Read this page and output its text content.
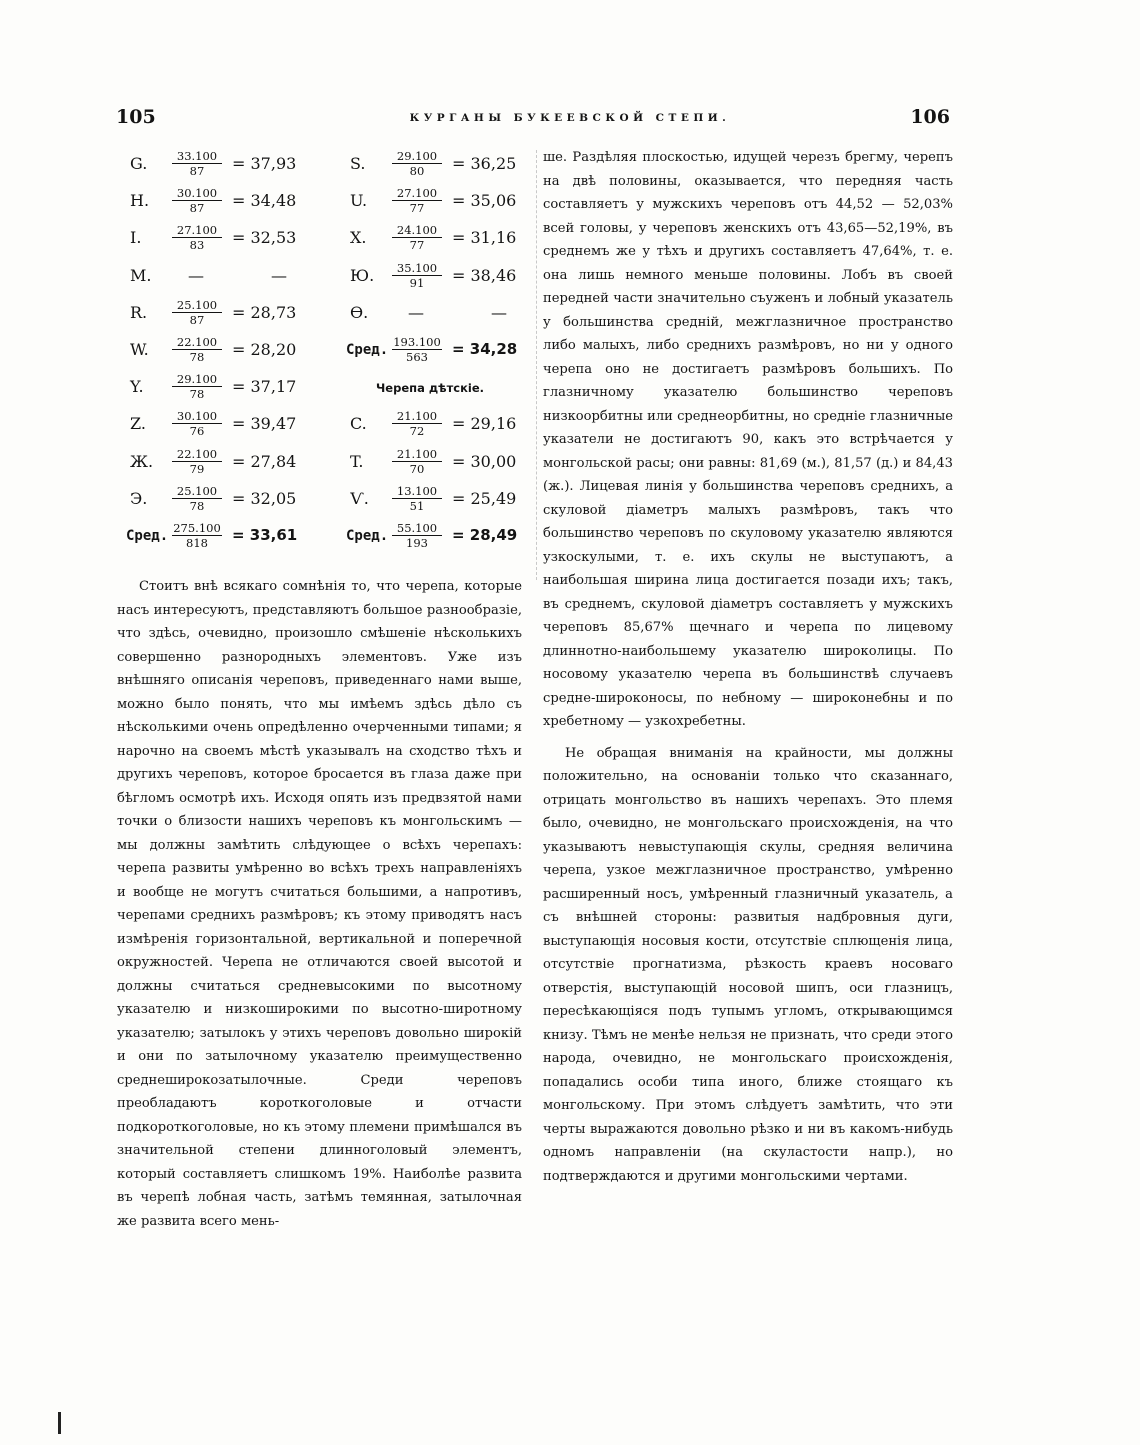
105	КУРГАНЫ БУКЕЕВСКОЙ СТЕПИ.	106
G. $\frac{33.100}{87} = 37,93$
H. $\frac{30.100}{87} = 34,48$
I.	$\frac{27.100}{83} = 32,53$
M. —	—
R. $\frac{25.100}{87} = 28,73$
W. $\frac{22.100}{78} = 28,20$
Y. $\frac{29.100}{78} = 37,17$
Z. $\frac{30.100}{76} = 39,47$
Ж. $\frac{22.100}{79} = 27,84$
Э. $\frac{25.100}{78} = 32,05$
Сред. $\frac{275.100}{818} = 33,61$
S. $\frac{29.100}{80} = 36,25$
U. $\frac{27.100}{77} = 35,06$
X. $\frac{24.100}{77} = 31,16$
Ю. $\frac{35.100}{91} = 38,46$
Ѳ. —	—
Сред. $\frac{193.100}{563} = 34,28$
C. $\frac{21.100}{72} = 29,16$
T. $\frac{21.100}{70} = 30,00$
Ѵ. $\frac{13.100}{51} = 25,49$
Сред. $\frac{55.100}{193} = 28,49$
Черепа дѣтскіе.

Стоитъ внѣ всякаго сомнѣнія то, что черепа, которые насъ интересуютъ, представляютъ большое разнообразіе, что здѣсь, очевидно, произошло смѣшеніе нѣсколькихъ совершенно разнородныхъ элементовъ. Уже изъ внѣшняго описанія череповъ, приведеннаго нами выше, можно было понять, что мы имѣемъ здѣсь дѣло съ нѣсколькими очень опредѣленно очерченными типами; я нарочно на своемъ мѣстѣ указывалъ на сходство тѣхъ и другихъ череповъ, которое бросается въ глаза даже при бѣгломъ осмотрѣ ихъ. Исходя опять изъ предвзятой нами точки о близости нашихъ череповъ къ монгольскимъ —мы должны замѣтить слѣдующее о всѣхъ черепахъ: черепа развиты умѣренно во всѣхъ трехъ направленіяхъ и вообще не могутъ считаться большими, а напротивъ, черепами среднихъ размѣровъ; къ этому приводятъ насъ измѣренія горизонтальной, вертикальной и поперечной окружностей. Черепа не отличаются своей высотой и должны считаться средневысокими по высотному указателю и низкоширокими по высотно-широтному указателю; затылокъ у этихъ череповъ довольно широкій и они по затылочному указателю преимущественно среднеширокозатылочные. Среди череповъ преобладаютъ короткоголовые и отчасти подкороткоголовые, но къ этому племени примѣшался въ значительной степени длинноголовый элементъ, который составляетъ слишкомъ 19%. Наиболѣе развита въ черепѣ лобная часть, затѣмъ темянная, затылочная же развита всего мень-

ше. Раздѣляя плоскостью, идущей черезъ брегму, черепъ на двѣ половины, оказывается, что передняя часть составляетъ у мужскихъ череповъ отъ 44,52 — 52,03% всей головы, у череповъ женскихъ отъ 43,65—52,19%, въ среднемъ же у тѣхъ и другихъ составляетъ 47,64%, т. е. она лишь немного меньше половины. Лобъ въ своей передней части значительно съуженъ и лобный указатель у большинства средній, межглазничное пространство либо малыхъ, либо среднихъ размѣровъ, но ни у одного черепа оно не достигаетъ размѣровъ большихъ. По глазничному указателю большинство череповъ низкоорбитны или среднеорбитны, но средніе глазничные указатели не достигаютъ 90, какъ это встрѣчается у монгольской расы; они равны: 81,69 (м.), 81,57 (д.) и 84,43 (ж.). Лицевая линія у большинства череповъ среднихъ, а скуловой діаметръ малыхъ размѣровъ, такъ что большинство череповъ по скуловому указателю являются узкоскулыми, т. е. ихъ скулы не выступаютъ, а наибольшая ширина лица достигается позади ихъ; такъ, въ среднемъ, скуловой діаметръ составляетъ у мужскихъ череповъ 85,67% щечнаго и черепа по лицевому длиннотно-наибольшему указателю широколицы. По носовому указателю черепа въ большинствѣ случаевъ средне-широконосы, по небному — широконебны и по хребетному — узкохребетны.

Не обращая вниманія на крайности, мы должны положительно, на основаніи только что сказаннаго, отрицать монгольство въ нашихъ черепахъ. Это племя было, очевидно, не монгольскаго происхожденія, на что указываютъ невыступающія скулы, средняя величина черепа, узкое межглазничное пространство, умѣренно расширенный носъ, умѣренный глазничный указатель, а съ внѣшней стороны: развитыя надбровныя дуги, выступающія носовыя кости, отсутствіе сплющенія лица, отсутствіе прогнатизма, рѣзкость краевъ носоваго отверстія, выступающій носовой шипъ, оси глазницъ, пересѣкающіяся подъ тупымъ угломъ, открывающимся книзу. Тѣмъ не менѣе нельзя не признать, что среди этого народа, очевидно, не монгольскаго происхожденія, попадались особи типа иного, ближе стоящаго къ монгольскому. При этомъ слѣдуетъ замѣтить, что эти черты выражаются довольно рѣзко и ни въ какомъ-нибудь одномъ направленіи (на скуластости напр.), но подтверждаются и другими монгольскими чертами.
